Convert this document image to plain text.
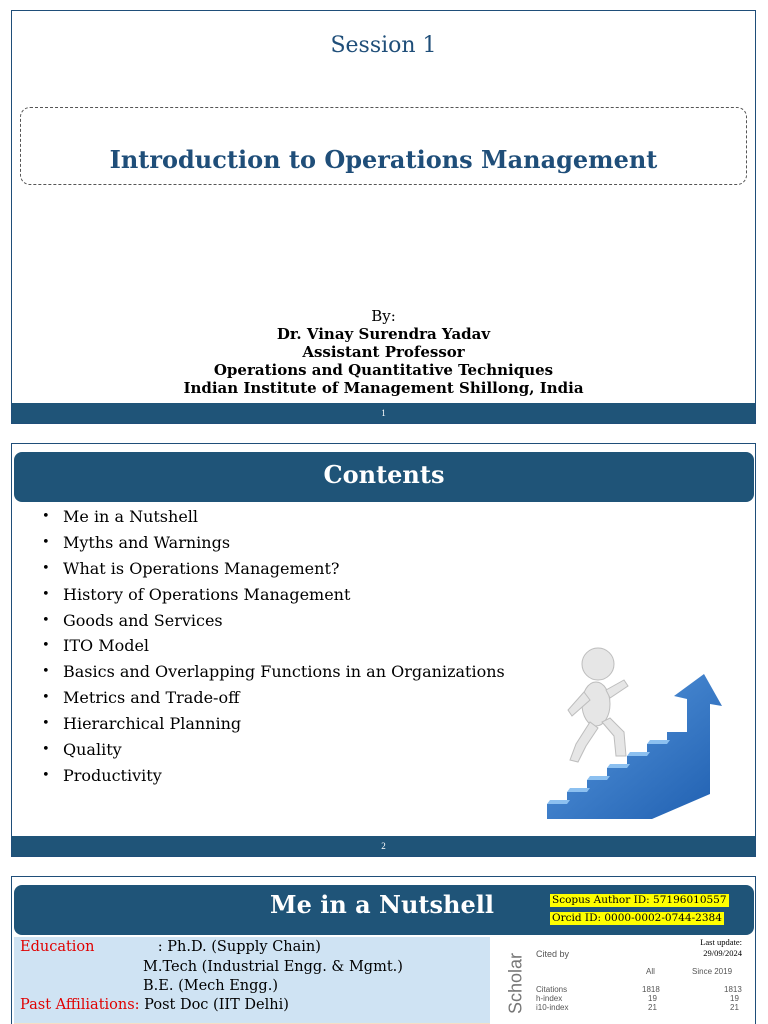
Session 1
Introduction to Operations Management
By:
Dr. Vinay Surendra Yadav
Assistant Professor
Operations and Quantitative Techniques
Indian Institute of Management Shillong, India
1
Contents
• Me in a Nutshell
• Myths and Warnings
• What is Operations Management?
• History of Operations Management
• Goods and Services
• ITO Model
• Basics and Overlapping Functions in an Organizations
• Metrics and Trade-off
• Hierarchical Planning
• Quality
• Productivity
2
Me in a Nutshell	Scopus Author ID: 57196010557
Orcid ID: 0000-0002-0744-2384
Education	: Ph.D. (Supply Chain)
M.Tech (Industrial Engg. & Mgmt.)
B.E. (Mech Engg.)
Past Affiliations: Post Doc (IIT Delhi)	Scholar Cited by
Last update:
29/09/2024
All	Since 2019
Citations	1818	1813
h-index	19	19
i10-index	21	21
